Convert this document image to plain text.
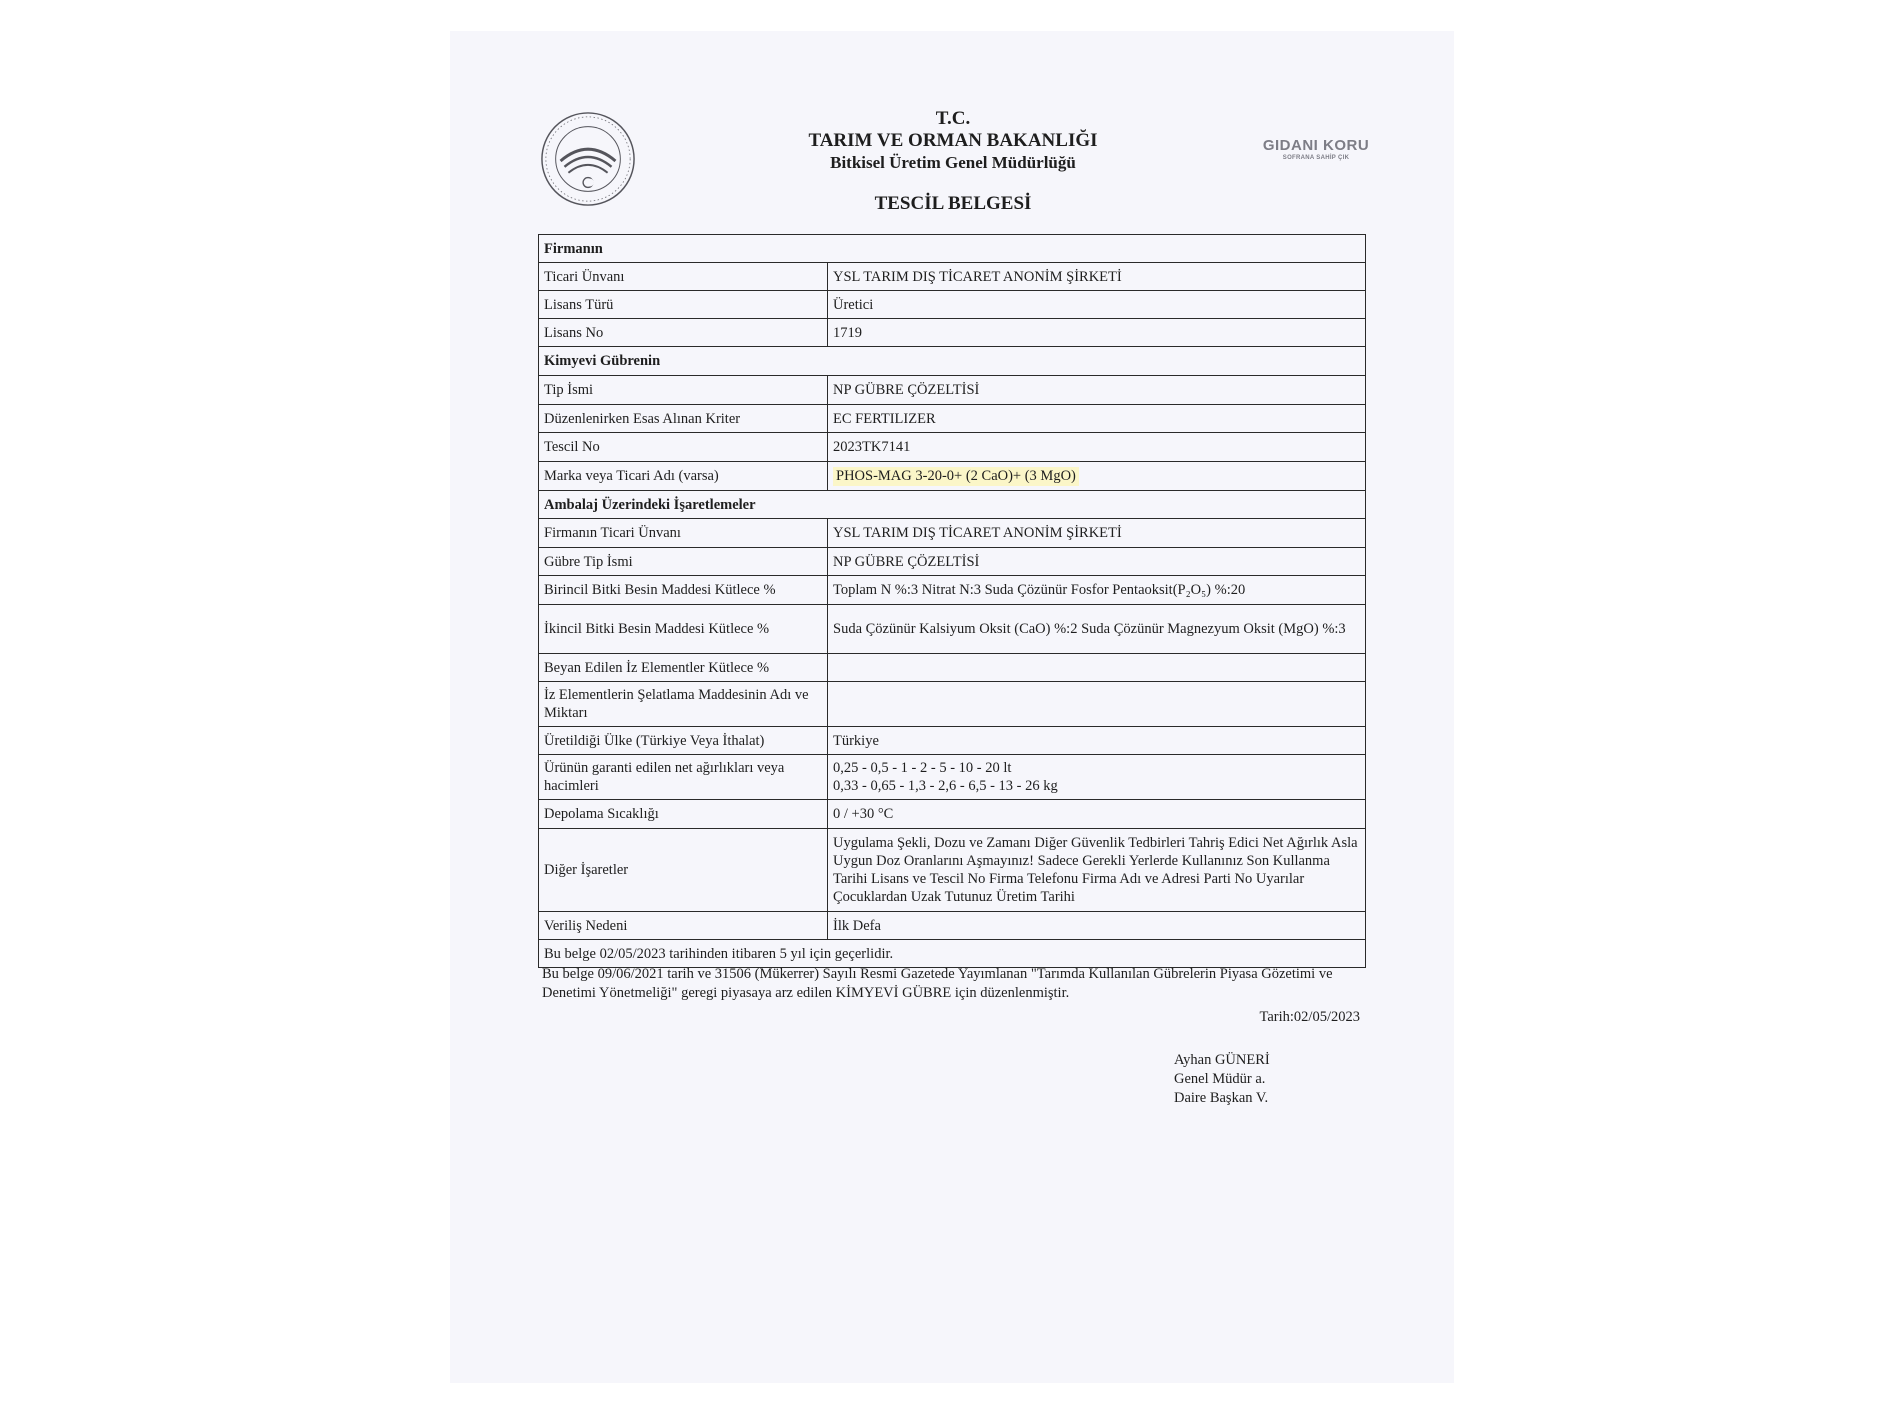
GIDANI KORU
SOFRANA SAHİP ÇIK
T.C.
TARIM VE ORMAN BAKANLIĞI
Bitkisel Üretim Genel Müdürlüğü
TESCİL BELGESİ
Firmanın	
Ticari Ünvanı	YSL TARIM DIŞ TİCARET ANONİM ŞİRKETİ
Lisans Türü	Üretici
Lisans No	1719
Kimyevi Gübrenin	
Tip İsmi	NP GÜBRE ÇÖZELTİSİ
Düzenlenirken Esas Alınan Kriter	EC FERTILIZER
Tescil No	2023TK7141
Marka veya Ticari Adı (varsa)	PHOS-MAG 3-20-0+ (2 CaO)+ (3 MgO)
Ambalaj Üzerindeki İşaretlemeler	
Firmanın Ticari Ünvanı	YSL TARIM DIŞ TİCARET ANONİM ŞİRKETİ
Gübre Tip İsmi	NP GÜBRE ÇÖZELTİSİ
Birincil Bitki Besin Maddesi Kütlece %	Toplam N %:3 Nitrat N:3 Suda Çözünür Fosfor Pentaoksit(P₂O₅) %:20
İkincil Bitki Besin Maddesi Kütlece %	Suda Çözünür Kalsiyum Oksit (CaO) %:2 Suda Çözünür Magnezyum Oksit (MgO) %:3
Beyan Edilen İz Elementler Kütlece %	
İz Elementlerin Şelatlama Maddesinin Adı ve Miktarı	
Üretildiği Ülke (Türkiye Veya İthalat)	Türkiye
Ürünün garanti edilen net ağırlıkları veya hacimleri	0,25 - 0,5 - 1 - 2 - 5 - 10 - 20 lt
0,33 - 0,65 - 1,3 - 2,6 - 6,5 - 13 - 26 kg

Depolama Sıcaklığı	0 / +30 °C
Diğer İşaretler	Uygulama Şekli, Dozu ve Zamanı Diğer Güvenlik Tedbirleri Tahriş Edici Net Ağırlık Asla Uygun Doz Oranlarını Aşmayınız! Sadece Gerekli Yerlerde Kullanınız Son Kullanma Tarihi Lisans ve Tescil No Firma Telefonu Firma Adı ve Adresi Parti No Uyarılar Çocuklardan Uzak Tutunuz Üretim Tarihi
Veriliş Nedeni	İlk Defa
Bu belge 02/05/2023 tarihinden itibaren 5 yıl için geçerlidir.	
Bu belge 09/06/2021 tarih ve 31506 (Mükerrer) Sayılı Resmi Gazetede Yayımlanan "Tarımda Kullanılan Gübrelerin Piyasa Gözetimi ve Denetimi Yönetmeliği" geregi piyasaya arz edilen KİMYEVİ GÜBRE için düzenlenmiştir.
Tarih:02/05/2023
Ayhan GÜNERİ
Genel Müdür a.
Daire Başkan V.
